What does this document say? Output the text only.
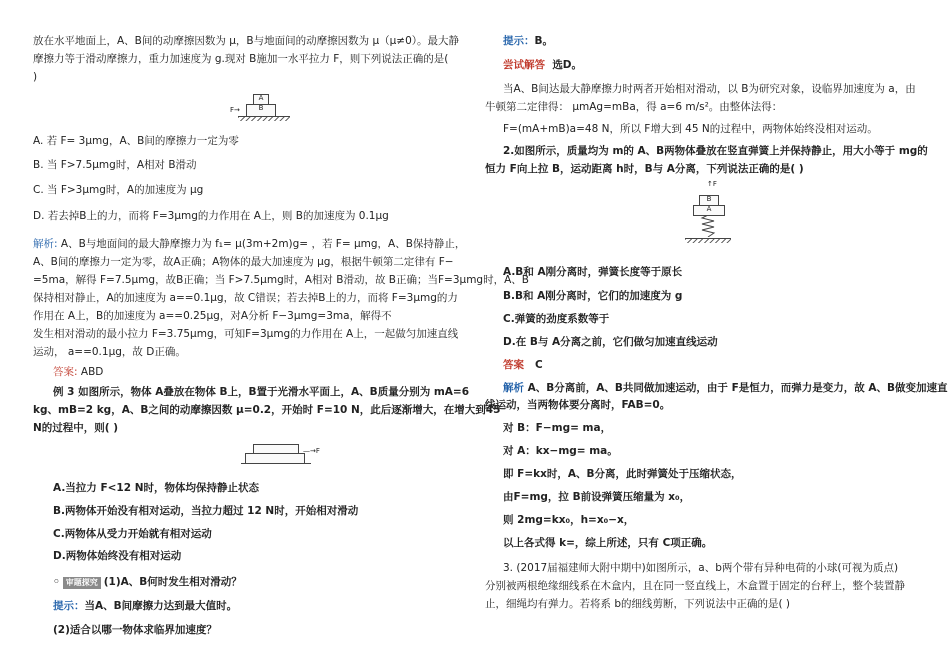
放在水平地面上，A、B间的动摩擦因数为 μ，B与地面间的动摩擦因数为 μ（μ≠0）。最大静

摩擦力等于滑动摩擦力，重力加速度为 g.现对 B施加一水平拉力 F，则下列说法正确的是(

)

A
B
F→

A. 若 F= 3μmg，A、B间的摩擦力一定为零

B. 当 F>7.5μmg时，A相对 B滑动

C. 当 F>3μmg时，A的加速度为 μg

D. 若去掉B上的力，而将 F=3μmg的力作用在 A上，则 B的加速度为 0.1μg

解析: A、B与地面间的最大静摩擦力为 f₁= μ(3m+2m)g= ，若 F= μmg，A、B保持静止，

A、B间的摩擦力一定为零，故A正确；A物体的最大加速度为 μg，根据牛顿第二定律有 F−

=5ma，解得 F=7.5μmg，故B正确；当 F>7.5μmg时，A相对 B滑动，故 B正确；当F=3μmg时，A、B

保持相对静止，A的加速度为 a==0.1μg，故 C错误；若去掉B上的力，而将 F=3μmg的力

作用在 A上，B的加速度为 a==0.25μg，对A分析 F−3μmg=3ma，解得不

发生相对滑动的最小拉力 F=3.75μmg，可知F=3μmg的力作用在 A上，一起做匀加速直线

运动， a==0.1μg，故 D正确。

答案: ABD

例 3 如图所示，物体 A叠放在物体 B上，B置于光滑水平面上，A、B质量分别为 mA=6

kg、mB=2 kg，A、B之间的动摩擦因数 μ=0.2，开始时 F=10 N，此后逐渐增大，在增大到45

N的过程中，则( )

—→F

A.当拉力 F<12 N时，物体均保持静止状态

B.两物体开始没有相对运动，当拉力超过 12 N时，开始相对滑动

C.两物体从受力开始就有相对运动

D.两物体始终没有相对运动

◦ 审题探究 (1)A、B何时发生相对滑动？

提示：当A、B间摩擦力达到最大值时。

(2)适合以哪一物体求临界加速度？

提示：B。

尝试解答 选D。

当A、B间达最大静摩擦力时两者开始相对滑动，以 B为研究对象，设临界加速度为 a，由

牛顿第二定律得： μmAg=mBa，得 a=6 m/s²。由整体法得：

F=(mA+mB)a=48 N，所以 F增大到 45 N的过程中，两物体始终没相对运动。

2.如图所示，质量均为 m的 A、B两物体叠放在竖直弹簧上并保持静止，用大小等于 mg的

恒力 F向上拉 B，运动距离 h时，B与 A分离，下列说法正确的是( )

↑F
B
A

A.B和 A刚分离时，弹簧长度等于原长

B.B和 A刚分离时，它们的加速度为 g

C.弹簧的劲度系数等于

D.在 B与 A分离之前，它们做匀加速直线运动

答案 C

解析 A、B分离前，A、B共同做加速运动，由于 F是恒力，而弹力是变力，故 A、B做变加速直

线运动，当两物体要分离时，FAB=0。

对 B：F−mg= ma，

对 A：kx−mg= ma。

即 F=kx时，A、B分离，此时弹簧处于压缩状态，

由F=mg，拉 B前设弹簧压缩量为 x₀，

则 2mg=kx₀，h=x₀−x，

以上各式得 k=，综上所述，只有 C项正确。

3. (2017届福建师大附中期中)如图所示，a、b两个带有异种电荷的小球(可视为质点)

分别被两根绝缘细线系在木盒内，且在同一竖直线上，木盒置于固定的台秤上，整个装置静

止，细绳均有弹力。若将系 b的细线剪断，下列说法中正确的是( )
